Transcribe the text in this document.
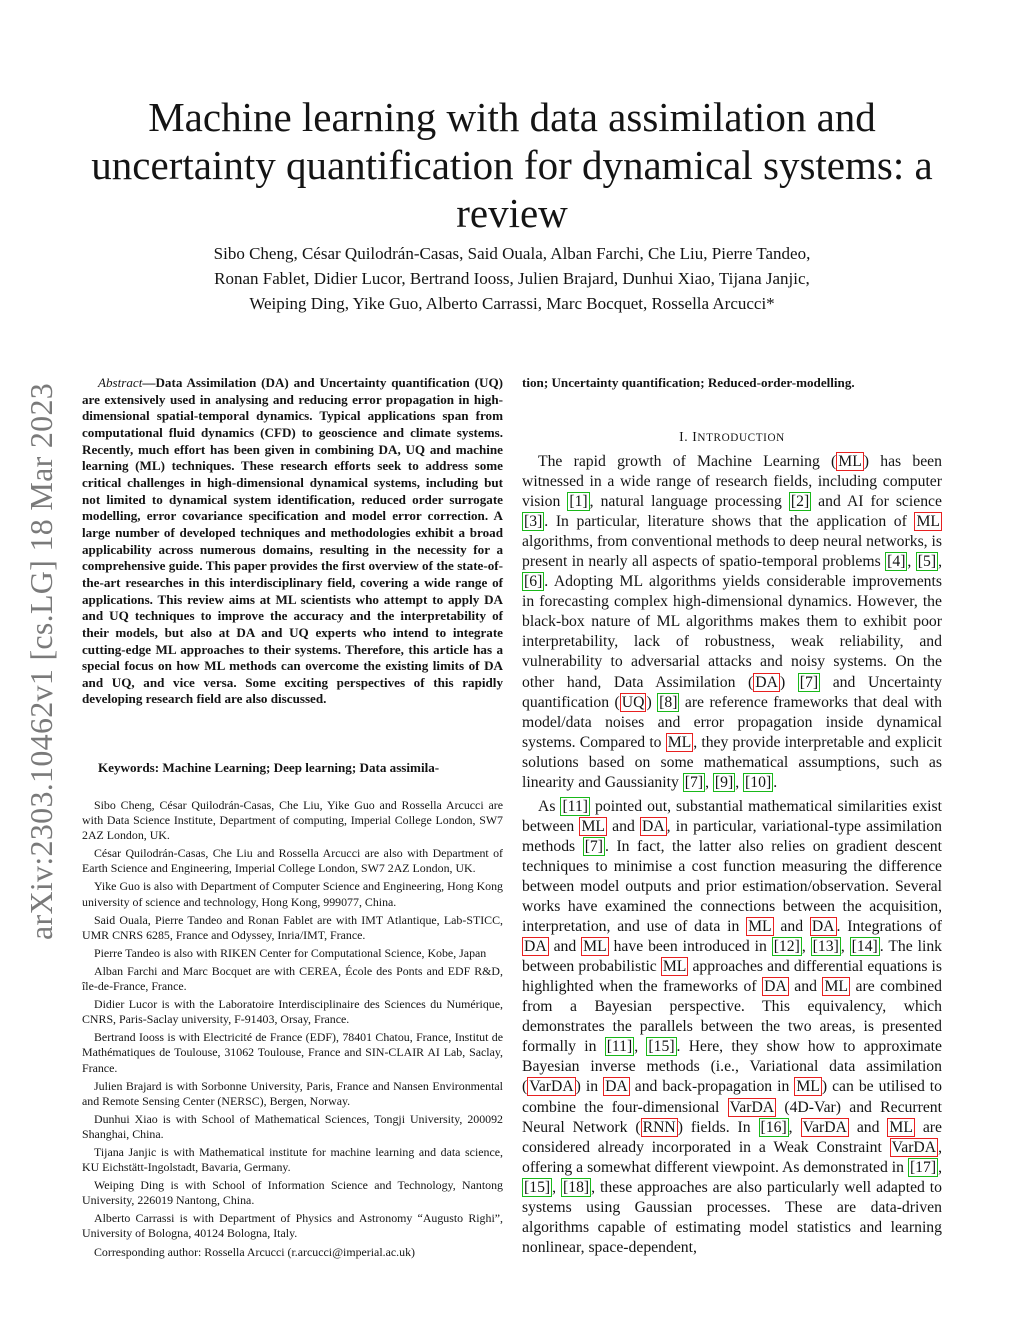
Machine learning with data assimilation and uncertainty quantification for dynamical systems: a review
Sibo Cheng, César Quilodrán-Casas, Said Ouala, Alban Farchi, Che Liu, Pierre Tandeo,
Ronan Fablet, Didier Lucor, Bertrand Iooss, Julien Brajard, Dunhui Xiao, Tijana Janjic,
Weiping Ding, Yike Guo, Alberto Carrassi, Marc Bocquet, Rossella Arcucci*
arXiv:2303.10462v1 [cs.LG] 18 Mar 2023
Abstract—Data Assimilation (DA) and Uncertainty quantification (UQ) are extensively used in analysing and reducing error propagation in high-dimensional spatial-temporal dynamics. Typical applications span from computational fluid dynamics (CFD) to geoscience and climate systems. Recently, much effort has been given in combining DA, UQ and machine learning (ML) techniques. These research efforts seek to address some critical challenges in high-dimensional dynamical systems, including but not limited to dynamical system identification, reduced order surrogate modelling, error covariance specification and model error correction. A large number of developed techniques and methodologies exhibit a broad applicability across numerous domains, resulting in the necessity for a comprehensive guide. This paper provides the first overview of the state-of-the-art researches in this interdisciplinary field, covering a wide range of applications. This review aims at ML scientists who attempt to apply DA and UQ techniques to improve the accuracy and the interpretability of their models, but also at DA and UQ experts who intend to integrate cutting-edge ML approaches to their systems. Therefore, this article has a special focus on how ML methods can overcome the existing limits of DA and UQ, and vice versa. Some exciting perspectives of this rapidly developing research field are also discussed.
Keywords: Machine Learning; Deep learning; Data assimila-

Sibo Cheng, César Quilodrán-Casas, Che Liu, Yike Guo and Rossella Arcucci are with Data Science Institute, Department of computing, Imperial College London, SW7 2AZ London, UK.

César Quilodrán-Casas, Che Liu and Rossella Arcucci are also with Department of Earth Science and Engineering, Imperial College London, SW7 2AZ London, UK.

Yike Guo is also with Department of Computer Science and Engineering, Hong Kong university of science and technology, Hong Kong, 999077, China.

Said Ouala, Pierre Tandeo and Ronan Fablet are with IMT Atlantique, Lab-STICC, UMR CNRS 6285, France and Odyssey, Inria/IMT, France.

Pierre Tandeo is also with RIKEN Center for Computational Science, Kobe, Japan

Alban Farchi and Marc Bocquet are with CEREA, École des Ponts and EDF R&D, île-de-France, France.

Didier Lucor is with the Laboratoire Interdisciplinaire des Sciences du Numérique, CNRS, Paris-Saclay university, F-91403, Orsay, France.

Bertrand Iooss is with Electricité de France (EDF), 78401 Chatou, France, Institut de Mathématiques de Toulouse, 31062 Toulouse, France and SIN-CLAIR AI Lab, Saclay, France.

Julien Brajard is with Sorbonne University, Paris, France and Nansen Environmental and Remote Sensing Center (NERSC), Bergen, Norway.

Dunhui Xiao is with School of Mathematical Sciences, Tongji University, 200092 Shanghai, China.

Tijana Janjic is with Mathematical institute for machine learning and data science, KU Eichstätt-Ingolstadt, Bavaria, Germany.

Weiping Ding is with School of Information Science and Technology, Nantong University, 226019 Nantong, China.

Alberto Carrassi is with Department of Physics and Astronomy “Augusto Righi”, University of Bologna, 40124 Bologna, Italy.

Corresponding author: Rossella Arcucci (r.arcucci@imperial.ac.uk)

tion; Uncertainty quantification; Reduced-order-modelling.
I. INTRODUCTION

The rapid growth of Machine Learning ( ML ) has been witnessed in a wide range of research fields, including computer vision [1] , natural language processing [2] and AI for science [3] . In particular, literature shows that the application of ML algorithms, from conventional methods to deep neural networks, is present in nearly all aspects of spatio-temporal problems [4] , [5] , [6] . Adopting ML algorithms yields considerable improvements in forecasting complex high-dimensional dynamics. However, the black-box nature of ML algorithms makes them to exhibit poor interpretability, lack of robustness, weak reliability, and vulnerability to adversarial attacks and noisy systems. On the other hand, Data Assimilation ( DA ) [7] and Uncertainty quantification ( UQ ) [8] are reference frameworks that deal with model/data noises and error propagation inside dynamical systems. Compared to ML , they provide interpretable and explicit solutions based on some mathematical assumptions, such as linearity and Gaussianity [7] , [9] , [10] .

As [11] pointed out, substantial mathematical similarities exist between ML and DA , in particular, variational-type assimilation methods [7] . In fact, the latter also relies on gradient descent techniques to minimise a cost function measuring the difference between model outputs and prior estimation/observation. Several works have examined the connections between the acquisition, interpretation, and use of data in ML and DA . Integrations of DA and ML have been introduced in [12] , [13] , [14] . The link between probabilistic ML approaches and differential equations is highlighted when the frameworks of DA and ML are combined from a Bayesian perspective. This equivalency, which demonstrates the parallels between the two areas, is presented formally in [11] , [15] . Here, they show how to approximate Bayesian inverse methods (i.e., Variational data assimilation ( VarDA ) in DA and back-propagation in ML ) can be utilised to combine the four-dimensional VarDA (4D-Var) and Recurrent Neural Network ( RNN ) fields. In [16] , VarDA and ML are considered already incorporated in a Weak Constraint VarDA , offering a somewhat different viewpoint. As demonstrated in [17] , [15] , [18] , these approaches are also particularly well adapted to systems using Gaussian processes. These are data-driven algorithms capable of estimating model statistics and learning nonlinear, space-dependent,
